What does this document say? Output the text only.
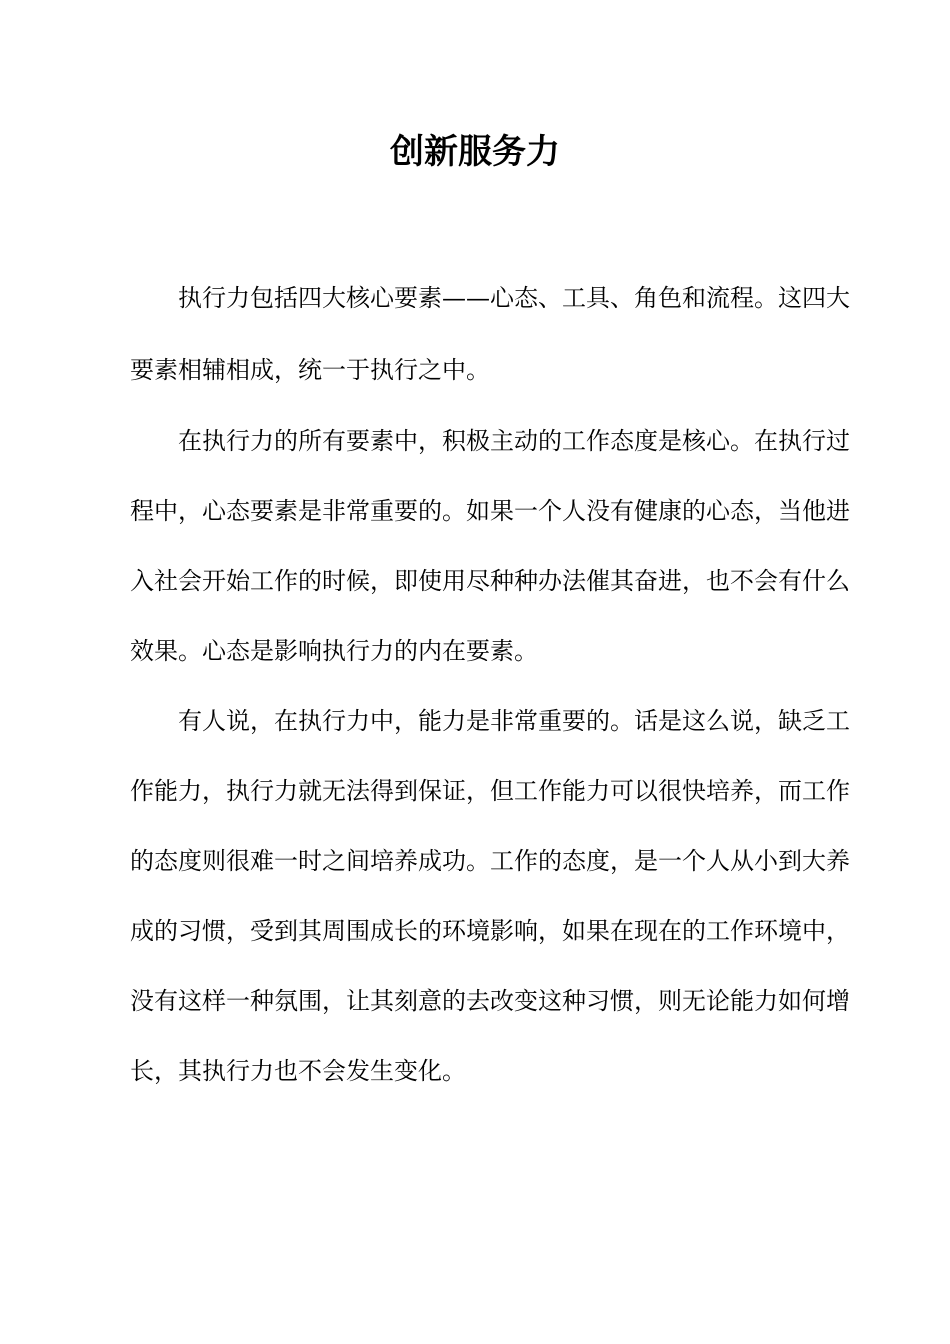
创新服务力

执行力包括四大核心要素——心态、工具、角色和流程。这四大要素相辅相成，统一于执行之中。

在执行力的所有要素中，积极主动的工作态度是核心。在执行过程中，心态要素是非常重要的。如果一个人没有健康的心态，当他进入社会开始工作的时候，即使用尽种种办法催其奋进，也不会有什么效果。心态是影响执行力的内在要素。

有人说，在执行力中，能力是非常重要的。话是这么说，缺乏工作能力，执行力就无法得到保证，但工作能力可以很快培养，而工作的态度则很难一时之间培养成功。工作的态度，是一个人从小到大养成的习惯，受到其周围成长的环境影响，如果在现在的工作环境中，没有这样一种氛围，让其刻意的去改变这种习惯，则无论能力如何增长，其执行力也不会发生变化。
